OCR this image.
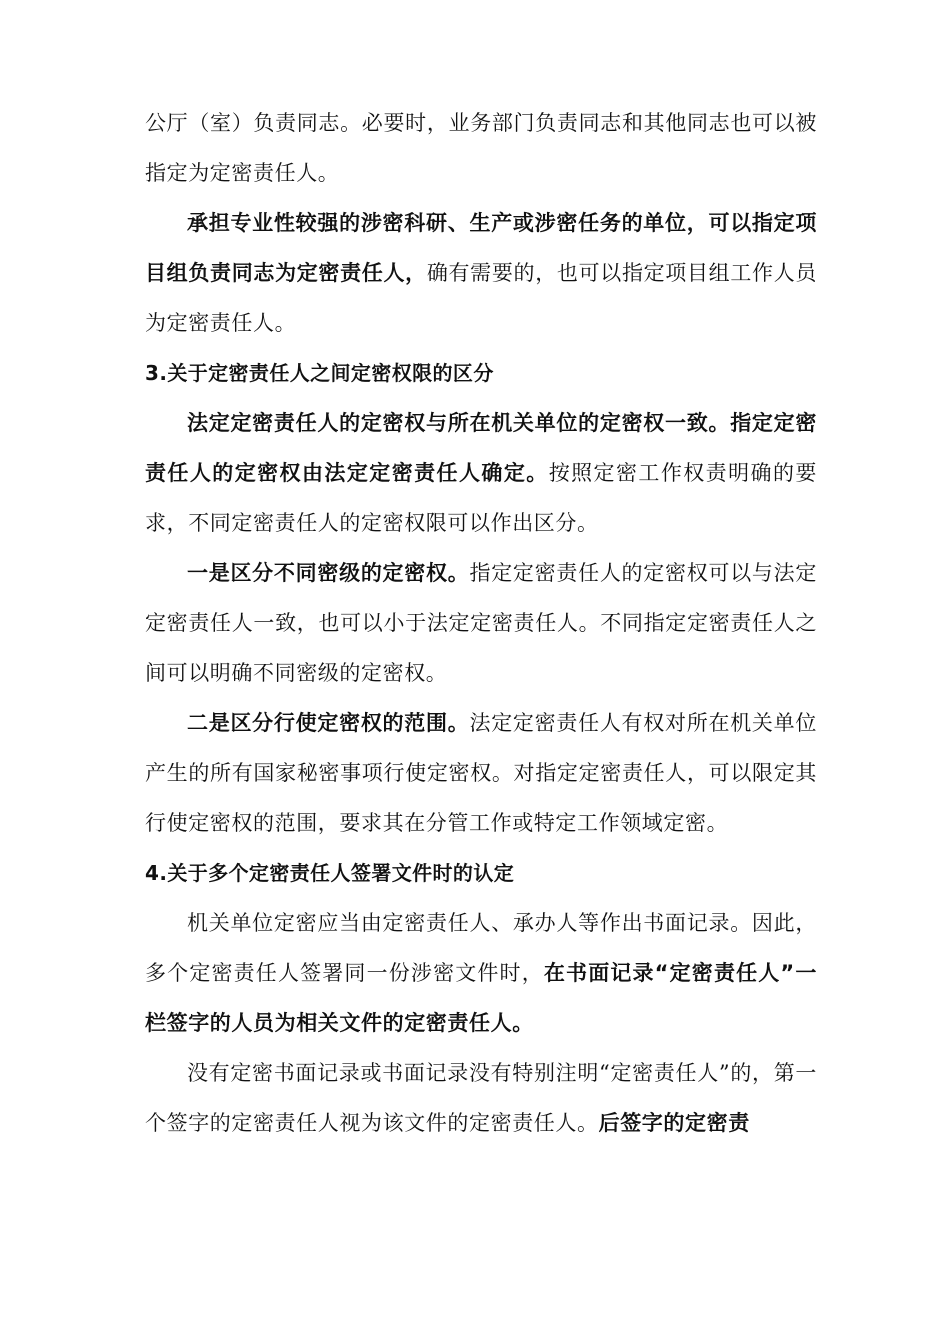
公厅（室）负责同志。必要时，业务部门负责同志和其他同志也可以被指定为定密责任人。

承担专业性较强的涉密科研、生产或涉密任务的单位，可以指定项目组负责同志为定密责任人，确有需要的，也可以指定项目组工作人员为定密责任人。

3.关于定密责任人之间定密权限的区分

法定定密责任人的定密权与所在机关单位的定密权一致。指定定密责任人的定密权由法定定密责任人确定。按照定密工作权责明确的要求，不同定密责任人的定密权限可以作出区分。

一是区分不同密级的定密权。指定定密责任人的定密权可以与法定定密责任人一致，也可以小于法定定密责任人。不同指定定密责任人之间可以明确不同密级的定密权。

二是区分行使定密权的范围。法定定密责任人有权对所在机关单位产生的所有国家秘密事项行使定密权。对指定定密责任人，可以限定其行使定密权的范围，要求其在分管工作或特定工作领域定密。

4.关于多个定密责任人签署文件时的认定

机关单位定密应当由定密责任人、承办人等作出书面记录。因此，多个定密责任人签署同一份涉密文件时，在书面记录“定密责任人”一栏签字的人员为相关文件的定密责任人。

没有定密书面记录或书面记录没有特别注明“定密责任人”的，第一个签字的定密责任人视为该文件的定密责任人。后签字的定密责
